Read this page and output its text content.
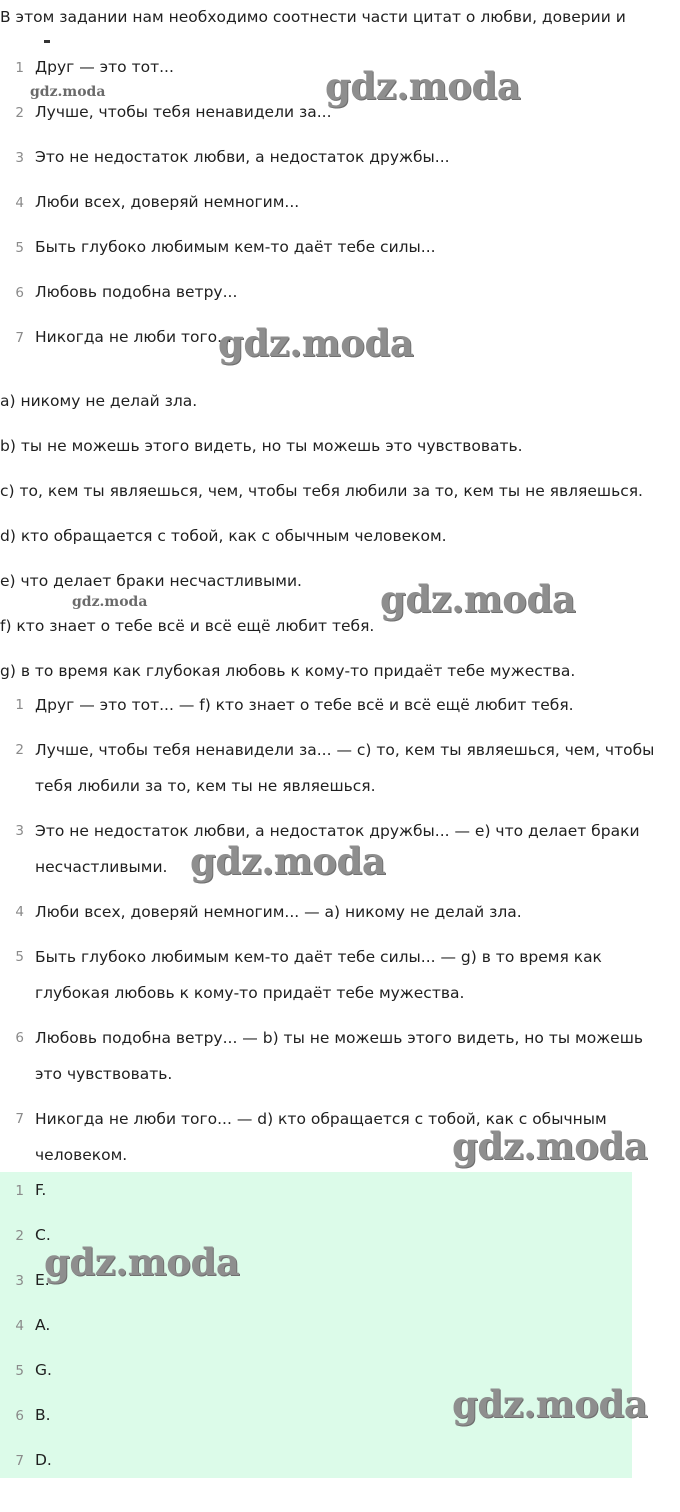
В этом задании нам необходимо соотнести части цитат о любви, доверии и
1 Друг — это тот...
2 Лучше, чтобы тебя ненавидели за...
3 Это не недостаток любви, а недостаток дружбы...
4 Люби всех, доверяй немногим...
5 Быть глубоко любимым кем-то даёт тебе силы...
6 Любовь подобна ветру...
7 Никогда не люби того...
a) никому не делай зла.
b) ты не можешь этого видеть, но ты можешь это чувствовать.
c) то, кем ты являешься, чем, чтобы тебя любили за то, кем ты не являешься.
d) кто обращается с тобой, как с обычным человеком.
e) что делает браки несчастливыми.
f) кто знает о тебе всё и всё ещё любит тебя.
g) в то время как глубокая любовь к кому-то придаёт тебе мужества.
1 Друг — это тот... — f) кто знает о тебе всё и всё ещё любит тебя.
2 Лучше, чтобы тебя ненавидели за... — c) то, кем ты являешься, чем, чтобы тебя любили за то, кем ты не являешься.
3 Это не недостаток любви, а недостаток дружбы... — e) что делает браки несчастливыми.
4 Люби всех, доверяй немногим... — a) никому не делай зла.
5 Быть глубоко любимым кем-то даёт тебе силы... — g) в то время как глубокая любовь к кому-то придаёт тебе мужества.
6 Любовь подобна ветру... — b) ты не можешь этого видеть, но ты можешь это чувствовать.
7 Никогда не люби того... — d) кто обращается с тобой, как с обычным человеком.
1 F.
2 C.
3 E.
4 A.
5 G.
6 B.
7 D.
gdz.moda
gdz.moda
gdz.moda
gdz.moda	gdz.moda
gdz.moda
gdz.moda
gdz.moda
gdz.moda
